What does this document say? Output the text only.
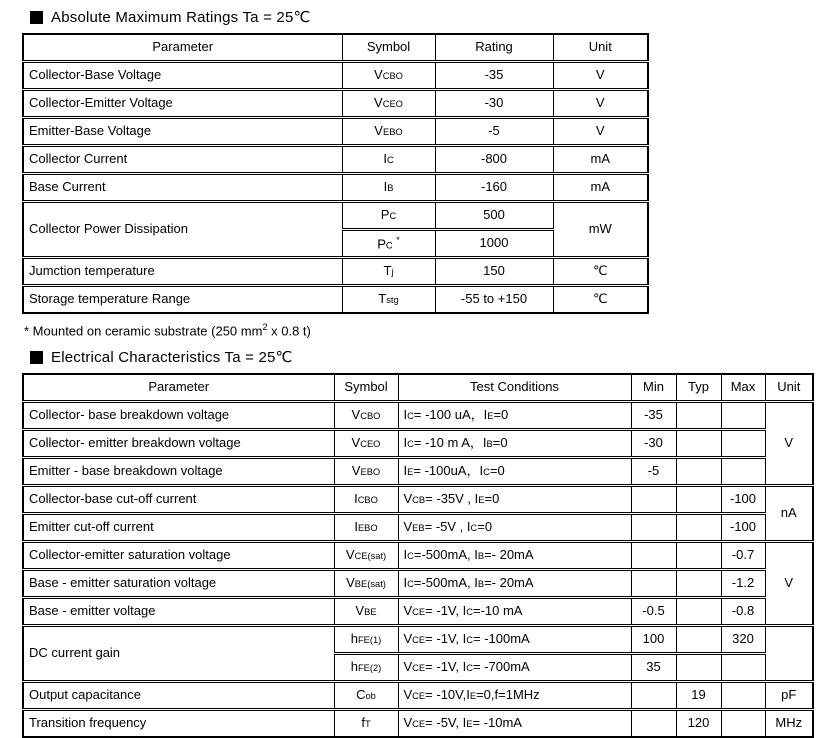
Absolute Maximum Ratings Ta = 25℃
Parameter	Symbol	Rating	Unit
Collector-Base Voltage	VCBO	-35	V
Collector-Emitter Voltage	VCEO	-30	V
Emitter-Base Voltage	VEBO	-5	V
Collector Current	IC	-800	mA
Base Current	IB	-160	mA
Collector Power Dissipation	PC	500	mW
	PC *	1000	
Jumction temperature	Tj	150	℃
Storage temperature Range	Tstg	-55 to +150	℃
* Mounted on ceramic substrate (250 $mm^2$ x 0.8 t)
Electrical Characteristics Ta = 25℃
Parameter	Symbol	Test Conditions	Min	Typ	Max	Unit
Collector- base breakdown voltage	VCBO	IC= -100 uA，IE=0	-35			V
Collector- emitter breakdown voltage	VCEO	IC= -10 m A，IB=0	-30			
Emitter - base breakdown voltage	VEBO	IE= -100uA，IC=0	-5			
Collector-base cut-off current	ICBO	VCB= -35V , IE=0			-100	nA
Emitter cut-off current	IEBO	VEB= -5V , IC=0			-100	
Collector-emitter saturation voltage	VCE(sat)	IC=-500mA, IB=- 20mA			-0.7	V
Base - emitter saturation voltage	VBE(sat)	IC=-500mA, IB=- 20mA			-1.2	
Base - emitter voltage	VBE	VCE= -1V, IC=-10 mA	-0.5		-0.8	
DC current gain	hFE(1)	VCE= -1V, IC= -100mA	100		320	
	hFE(2)	VCE= -1V, IC= -700mA	35			
Output capacitance	Cob	VCE= -10V,IE=0,f=1MHz		19		pF
Transition frequency	fT	VCE= -5V, IE= -10mA		120		MHz
